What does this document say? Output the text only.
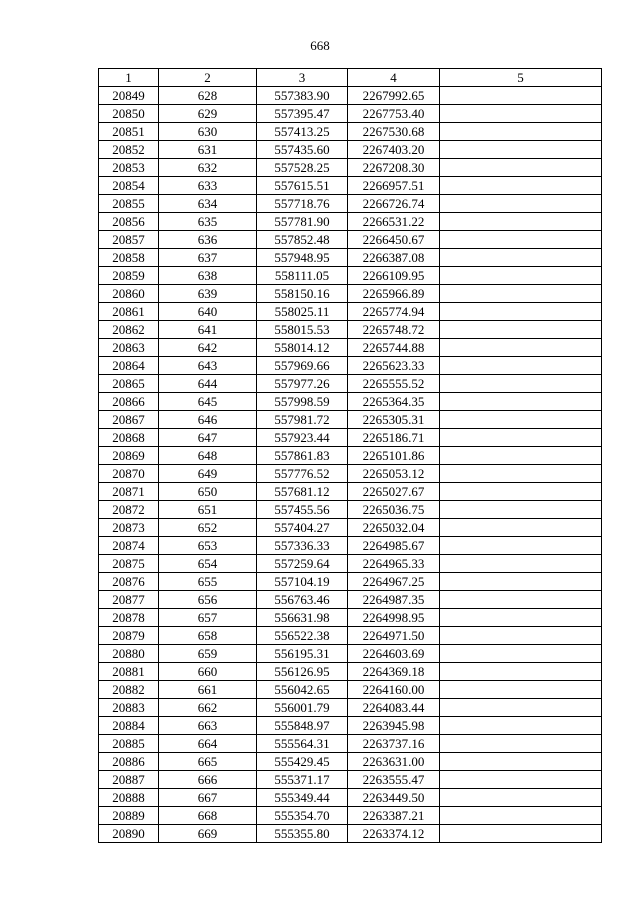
668
1	2	3	4	5
20849	628	557383.90	2267992.65	
20850	629	557395.47	2267753.40	
20851	630	557413.25	2267530.68	
20852	631	557435.60	2267403.20	
20853	632	557528.25	2267208.30	
20854	633	557615.51	2266957.51	
20855	634	557718.76	2266726.74	
20856	635	557781.90	2266531.22	
20857	636	557852.48	2266450.67	
20858	637	557948.95	2266387.08	
20859	638	558111.05	2266109.95	
20860	639	558150.16	2265966.89	
20861	640	558025.11	2265774.94	
20862	641	558015.53	2265748.72	
20863	642	558014.12	2265744.88	
20864	643	557969.66	2265623.33	
20865	644	557977.26	2265555.52	
20866	645	557998.59	2265364.35	
20867	646	557981.72	2265305.31	
20868	647	557923.44	2265186.71	
20869	648	557861.83	2265101.86	
20870	649	557776.52	2265053.12	
20871	650	557681.12	2265027.67	
20872	651	557455.56	2265036.75	
20873	652	557404.27	2265032.04	
20874	653	557336.33	2264985.67	
20875	654	557259.64	2264965.33	
20876	655	557104.19	2264967.25	
20877	656	556763.46	2264987.35	
20878	657	556631.98	2264998.95	
20879	658	556522.38	2264971.50	
20880	659	556195.31	2264603.69	
20881	660	556126.95	2264369.18	
20882	661	556042.65	2264160.00	
20883	662	556001.79	2264083.44	
20884	663	555848.97	2263945.98	
20885	664	555564.31	2263737.16	
20886	665	555429.45	2263631.00	
20887	666	555371.17	2263555.47	
20888	667	555349.44	2263449.50	
20889	668	555354.70	2263387.21	
20890	669	555355.80	2263374.12	
